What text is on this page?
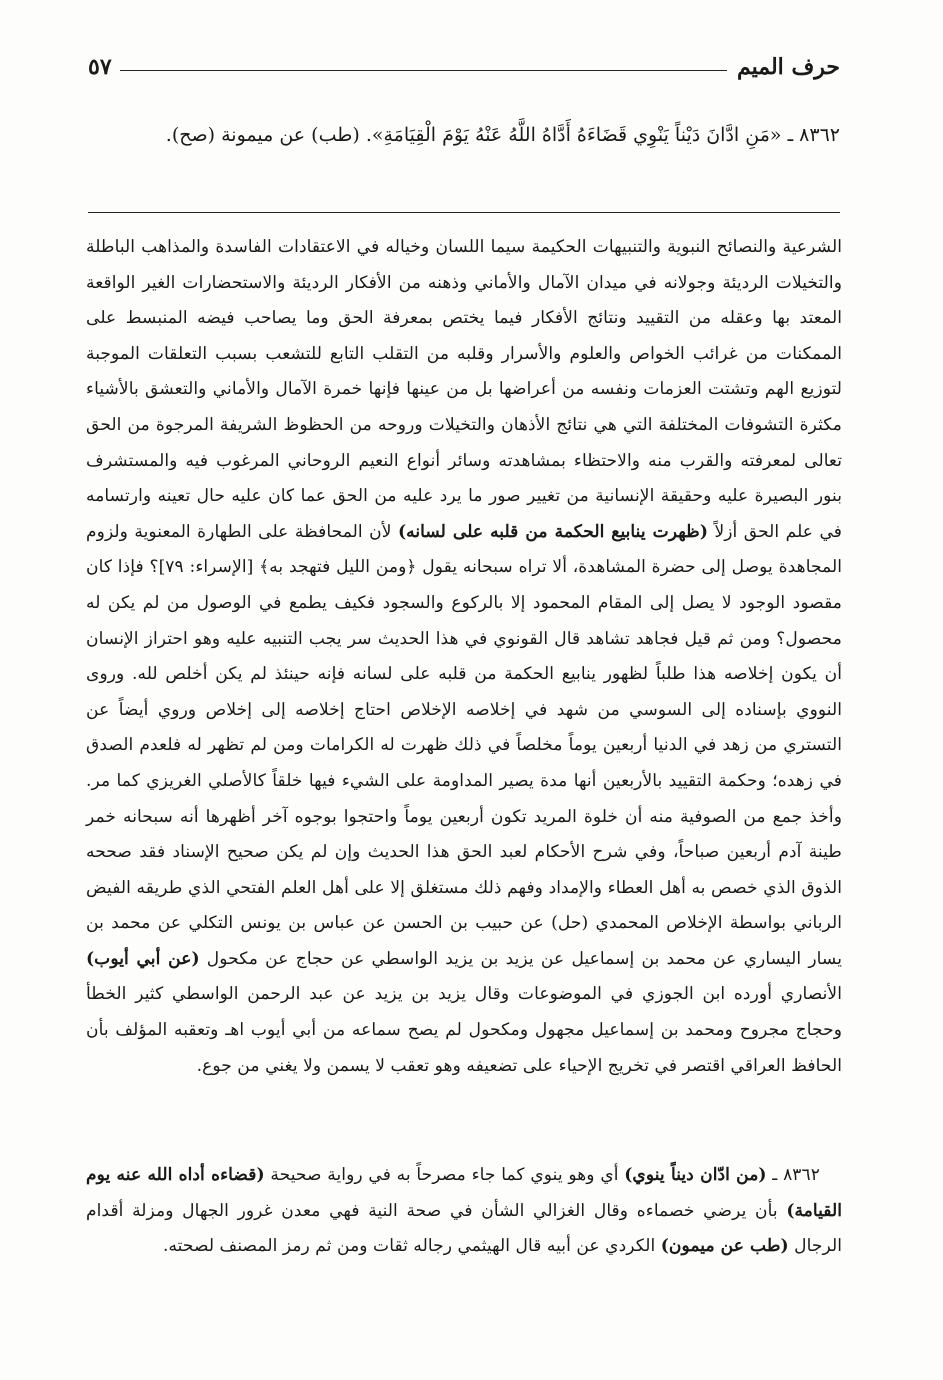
حرف الميم
٥٧
٨٣٦٢ ـ «مَنِ ادَّانَ دَيْناً يَنْوِي قَضَاءَهُ أَدَّاهُ اللَّهُ عَنْهُ يَوْمَ الْقِيَامَةِ». (طب) عن ميمونة (صح).
الشرعية والنصائح النبوية والتنبيهات الحكيمة سيما اللسان وخياله في الاعتقادات الفاسدة والمذاهب الباطلة والتخيلات الرديئة وجولانه في ميدان الآمال والأماني وذهنه من الأفكار الرديئة والاستحضارات الغير الواقعة المعتد بها وعقله من التقييد ونتائج الأفكار فيما يختص بمعرفة الحق وما يصاحب فيضه المنبسط على الممكنات من غرائب الخواص والعلوم والأسرار وقلبه من التقلب التابع للتشعب بسبب التعلقات الموجبة لتوزيع الهم وتشتت العزمات ونفسه من أعراضها بل من عينها فإنها خمرة الآمال والأماني والتعشق بالأشياء مكثرة التشوفات المختلفة التي هي نتائج الأذهان والتخيلات وروحه من الحظوظ الشريفة المرجوة من الحق تعالى لمعرفته والقرب منه والاحتظاء بمشاهدته وسائر أنواع النعيم الروحاني المرغوب فيه والمستشرف بنور البصيرة عليه وحقيقة الإنسانية من تغيير صور ما يرد عليه من الحق عما كان عليه حال تعينه وارتسامه في علم الحق أزلاً (ظهرت ينابيع الحكمة من قلبه على لسانه) لأن المحافظة على الطهارة المعنوية ولزوم المجاهدة يوصل إلى حضرة المشاهدة، ألا تراه سبحانه يقول ﴿ومن الليل فتهجد به﴾ [الإسراء: ٧٩]؟ فإذا كان مقصود الوجود لا يصل إلى المقام المحمود إلا بالركوع والسجود فكيف يطمع في الوصول من لم يكن له محصول؟ ومن ثم قيل فجاهد تشاهد قال القونوي في هذا الحديث سر يجب التنبيه عليه وهو احتراز الإنسان أن يكون إخلاصه هذا طلباً لظهور ينابيع الحكمة من قلبه على لسانه فإنه حينئذ لم يكن أخلص لله. وروى النووي بإسناده إلى السوسي من شهد في إخلاصه الإخلاص احتاج إخلاصه إلى إخلاص وروي أيضاً عن التستري من زهد في الدنيا أربعين يوماً مخلصاً في ذلك ظهرت له الكرامات ومن لم تظهر له فلعدم الصدق في زهده؛ وحكمة التقييد بالأربعين أنها مدة يصير المداومة على الشيء فيها خلقاً كالأصلي الغريزي كما مر. وأخذ جمع من الصوفية منه أن خلوة المريد تكون أربعين يوماً واحتجوا بوجوه آخر أظهرها أنه سبحانه خمر طينة آدم أربعين صباحاً، وفي شرح الأحكام لعبد الحق هذا الحديث وإن لم يكن صحيح الإسناد فقد صححه الذوق الذي خصص به أهل العطاء والإمداد وفهم ذلك مستغلق إلا على أهل العلم الفتحي الذي طريقه الفيض الرباني بواسطة الإخلاص المحمدي (حل) عن حبيب بن الحسن عن عباس بن يونس التكلي عن محمد بن يسار اليساري عن محمد بن إسماعيل عن يزيد بن يزيد الواسطي عن حجاج عن مكحول (عن أبي أيوب) الأنصاري أورده ابن الجوزي في الموضوعات وقال يزيد بن يزيد عن عبد الرحمن الواسطي كثير الخطأ وحجاج مجروح ومحمد بن إسماعيل مجهول ومكحول لم يصح سماعه من أبي أيوب اهـ وتعقبه المؤلف بأن الحافظ العراقي اقتصر في تخريج الإحياء على تضعيفه وهو تعقب لا يسمن ولا يغني من جوع.
٨٣٦٢ ـ (من ادّان ديناً ينوي) أي وهو ينوي كما جاء مصرحاً به في رواية صحيحة (قضاءه أداه الله عنه يوم القيامة) بأن يرضي خصماءه وقال الغزالي الشأن في صحة النية فهي معدن غرور الجهال ومزلة أقدام الرجال (طب عن ميمون) الكردي عن أبيه قال الهيثمي رجاله ثقات ومن ثم رمز المصنف لصحته.
